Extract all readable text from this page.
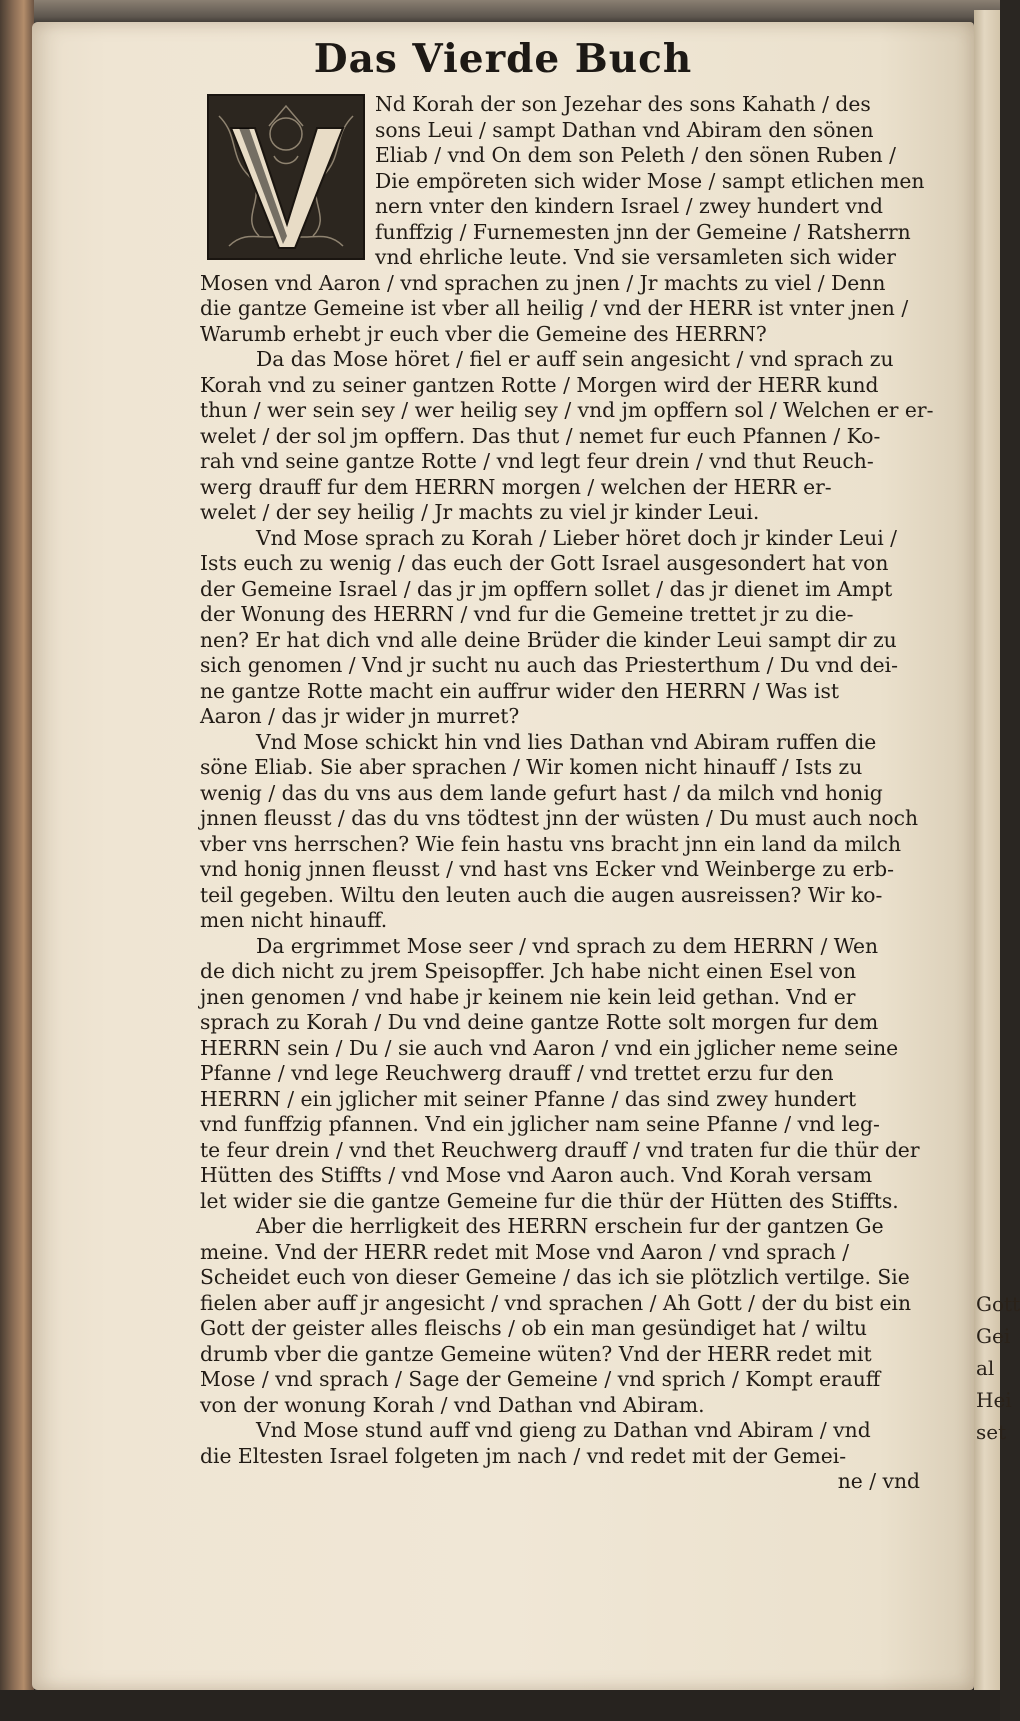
Gott
Gei
al
Hei
set
Das Vierde Buch
Nd Korah der son Jezehar des sons Kahath / des
sons Leui / sampt Dathan vnd Abiram den sönen
Eliab / vnd On dem son Peleth / den sönen Ruben /
Die empöreten sich wider Mose / sampt etlichen men
nern vnter den kindern Israel / zwey hundert vnd
funffzig / Furnemesten jnn der Gemeine / Ratsherrn
vnd ehrliche leute. Vnd sie versamleten sich wider
Mosen vnd Aaron / vnd sprachen zu jnen / Jr machts zu viel / Denn
die gantze Gemeine ist vber all heilig / vnd der HERR ist vnter jnen /
Warumb erhebt jr euch vber die Gemeine des HERRN?
Da das Mose höret / fiel er auff sein angesicht / vnd sprach zu
Korah vnd zu seiner gantzen Rotte / Morgen wird der HERR kund
thun / wer sein sey / wer heilig sey / vnd jm opffern sol / Welchen er er-
welet / der sol jm opffern. Das thut / nemet fur euch Pfannen / Ko-
rah vnd seine gantze Rotte / vnd legt feur drein / vnd thut Reuch-
werg drauff fur dem HERRN morgen / welchen der HERR er-
welet / der sey heilig / Jr machts zu viel jr kinder Leui.
Vnd Mose sprach zu Korah / Lieber höret doch jr kinder Leui /
Ists euch zu wenig / das euch der Gott Israel ausgesondert hat von
der Gemeine Israel / das jr jm opffern sollet / das jr dienet im Ampt
der Wonung des HERRN / vnd fur die Gemeine trettet jr zu die-
nen? Er hat dich vnd alle deine Brüder die kinder Leui sampt dir zu
sich genomen / Vnd jr sucht nu auch das Priesterthum / Du vnd dei-
ne gantze Rotte macht ein auffrur wider den HERRN / Was ist
Aaron / das jr wider jn murret?
Vnd Mose schickt hin vnd lies Dathan vnd Abiram ruffen die
söne Eliab. Sie aber sprachen / Wir komen nicht hinauff / Ists zu
wenig / das du vns aus dem lande gefurt hast / da milch vnd honig
jnnen fleusst / das du vns tödtest jnn der wüsten / Du must auch noch
vber vns herrschen? Wie fein hastu vns bracht jnn ein land da milch
vnd honig jnnen fleusst / vnd hast vns Ecker vnd Weinberge zu erb-
teil gegeben. Wiltu den leuten auch die augen ausreissen? Wir ko-
men nicht hinauff.
Da ergrimmet Mose seer / vnd sprach zu dem HERRN / Wen
de dich nicht zu jrem Speisopffer. Jch habe nicht einen Esel von
jnen genomen / vnd habe jr keinem nie kein leid gethan. Vnd er
sprach zu Korah / Du vnd deine gantze Rotte solt morgen fur dem
HERRN sein / Du / sie auch vnd Aaron / vnd ein jglicher neme seine
Pfanne / vnd lege Reuchwerg drauff / vnd trettet erzu fur den
HERRN / ein jglicher mit seiner Pfanne / das sind zwey hundert
vnd funffzig pfannen. Vnd ein jglicher nam seine Pfanne / vnd leg-
te feur drein / vnd thet Reuchwerg drauff / vnd traten fur die thür der
Hütten des Stiffts / vnd Mose vnd Aaron auch. Vnd Korah versam
let wider sie die gantze Gemeine fur die thür der Hütten des Stiffts.
Aber die herrligkeit des HERRN erschein fur der gantzen Ge
meine. Vnd der HERR redet mit Mose vnd Aaron / vnd sprach /
Scheidet euch von dieser Gemeine / das ich sie plötzlich vertilge. Sie
fielen aber auff jr angesicht / vnd sprachen / Ah Gott / der du bist ein
Gott der geister alles fleischs / ob ein man gesündiget hat / wiltu
drumb vber die gantze Gemeine wüten? Vnd der HERR redet mit
Mose / vnd sprach / Sage der Gemeine / vnd sprich / Kompt erauff
von der wonung Korah / vnd Dathan vnd Abiram.
Vnd Mose stund auff vnd gieng zu Dathan vnd Abiram / vnd
die Eltesten Israel folgeten jm nach / vnd redet mit der Gemei-
ne / vnd
